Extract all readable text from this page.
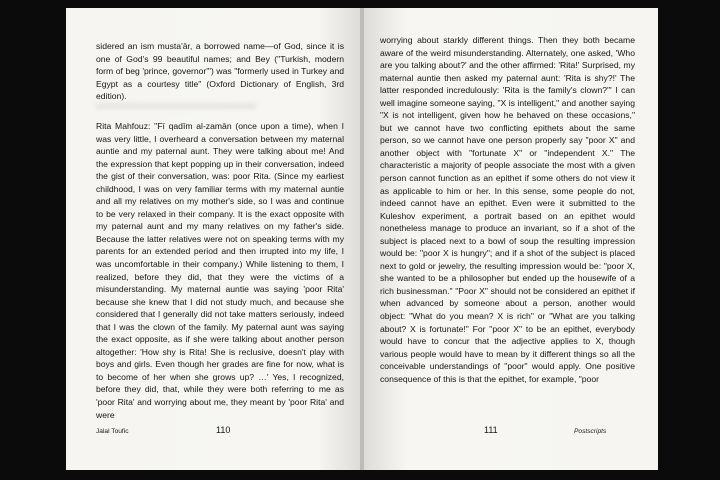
sidered an ism musta'ār, a borrowed name—of God, since it is one of God's 99 beautiful names; and Bey ("Turkish, modern form of beg 'prince, governor'") was "formerly used in Turkey and Egypt as a courtesy title" (Oxford Dictionary of English, 3rd edition).

Rita Mahfouz: "Fī qadīm al-zamān (once upon a time), when I was very little, I overheard a conversation between my maternal auntie and my paternal aunt. They were talking about me! And the expression that kept popping up in their conversation, indeed the gist of their conversation, was: poor Rita. (Since my earliest childhood, I was on very familiar terms with my maternal auntie and all my relatives on my mother's side, so I was and continue to be very relaxed in their company. It is the exact opposite with my paternal aunt and my many relatives on my father's side. Because the latter relatives were not on speaking terms with my parents for an extended period and then irrupted into my life, I was uncomfortable in their company.) While listening to them, I realized, before they did, that they were the victims of a misunderstanding. My maternal auntie was saying 'poor Rita' because she knew that I did not study much, and because she considered that I generally did not take matters seriously, indeed that I was the clown of the family. My paternal aunt was saying the exact opposite, as if she were talking about another person altogether: 'How shy is Rita! She is reclusive, doesn't play with boys and girls. Even though her grades are fine for now, what is to become of her when she grows up? …' Yes, I recognized, before they did, that, while they were both referring to me as 'poor Rita' and worrying about me, they meant by 'poor Rita' and were

Jalal Toufic	110

worrying about starkly different things. Then they both became aware of the weird misunderstanding. Alternately, one asked, 'Who are you talking about?' and the other affirmed: 'Rita!' Surprised, my maternal auntie then asked my paternal aunt: 'Rita is shy?!' The latter responded incredulously: 'Rita is the family's clown?'" I can well imagine someone saying, "X is intelligent," and another saying "X is not intelligent, given how he behaved on these occasions," but we cannot have two conflicting epithets about the same person, so we cannot have one person properly say "poor X" and another object with "fortunate X" or "independent X." The characteristic a majority of people associate the most with a given person cannot function as an epithet if some others do not view it as applicable to him or her. In this sense, some people do not, indeed cannot have an epithet. Even were it submitted to the Kuleshov experiment, a portrait based on an epithet would nonetheless manage to produce an invariant, so if a shot of the subject is placed next to a bowl of soup the resulting impression would be: "poor X is hungry"; and if a shot of the subject is placed next to gold or jewelry, the resulting impression would be: "poor X, she wanted to be a philosopher but ended up the housewife of a rich businessman." "Poor X" should not be considered an epithet if when advanced by someone about a person, another would object: "What do you mean? X is rich" or "What are you talking about? X is fortunate!" For "poor X" to be an epithet, everybody would have to concur that the adjective applies to X, though various people would have to mean by it different things so all the conceivable understandings of "poor" would apply. One positive consequence of this is that the epithet, for example, "poor

111	Postscripts
